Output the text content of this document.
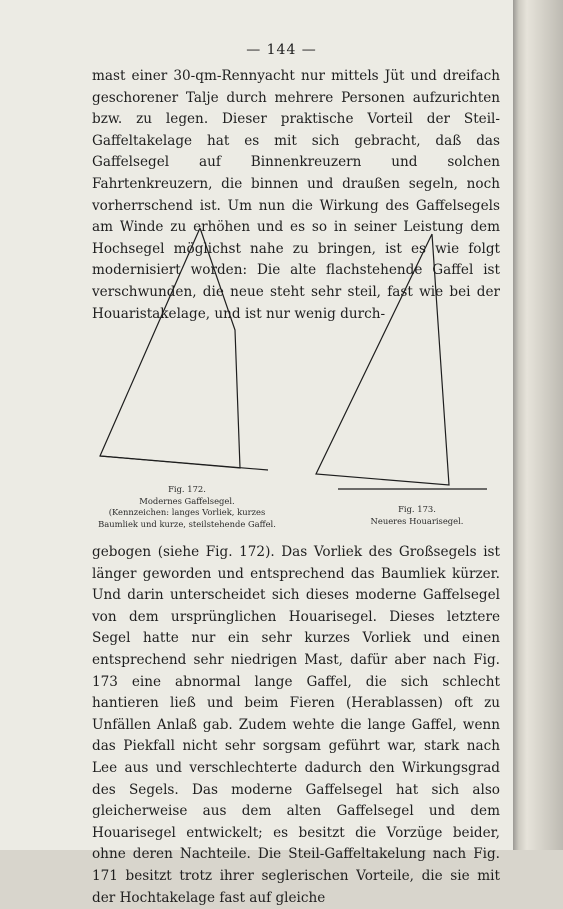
— 144 —

mast einer 30-qm-Rennyacht nur mittels Jüt und dreifach geschorener Talje durch mehrere Personen aufzurichten bzw. zu legen. Dieser praktische Vorteil der Steil-Gaffeltakelage hat es mit sich gebracht, daß das Gaffelsegel auf Binnenkreuzern und solchen Fahrtenkreuzern, die binnen und draußen segeln, noch vorherrschend ist. Um nun die Wirkung des Gaffelsegels am Winde zu erhöhen und es so in seiner Leistung dem Hochsegel möglichst nahe zu bringen, ist es wie folgt modernisiert worden: Die alte flachstehende Gaffel ist verschwunden, die neue steht sehr steil, fast wie bei der Houaristakelage, und ist nur wenig durch-

Fig. 172.
Modernes Gaffelsegel.
(Kennzeichen: langes Vorliek, kurzes Baumliek und kurze, steilstehende Gaffel.
Fig. 173.
Neueres Houarisegel.

gebogen (siehe Fig. 172). Das Vorliek des Großsegels ist länger geworden und entsprechend das Baumliek kürzer. Und darin unterscheidet sich dieses moderne Gaffelsegel von dem ursprünglichen Houarisegel. Dieses letztere Segel hatte nur ein sehr kurzes Vorliek und einen entsprechend sehr niedrigen Mast, dafür aber nach Fig. 173 eine abnormal lange Gaffel, die sich schlecht hantieren ließ und beim Fieren (Herablassen) oft zu Unfällen Anlaß gab. Zudem wehte die lange Gaffel, wenn das Piekfall nicht sehr sorgsam geführt war, stark nach Lee aus und verschlechterte dadurch den Wirkungsgrad des Segels. Das moderne Gaffelsegel hat sich also gleicherweise aus dem alten Gaffelsegel und dem Houarisegel entwickelt; es besitzt die Vorzüge beider, ohne deren Nachteile. Die Steil-Gaffeltakelung nach Fig. 171 besitzt trotz ihrer seglerischen Vorteile, die sie mit der Hochtakelage fast auf gleiche
